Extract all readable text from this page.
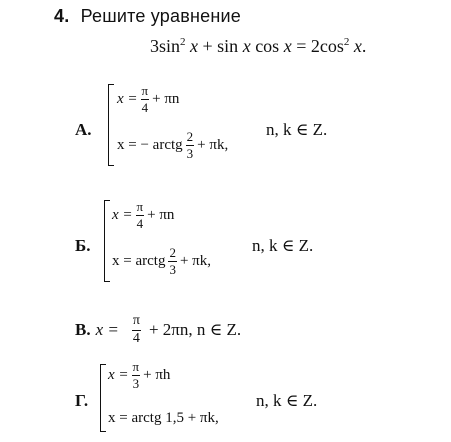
4. Решите уравнение
$3\sin^2$ x + sin x $\cos x = 2\cos^2$ x.
А.
$x = \frac{\pi}{4} + \pi n$
x = − arctg $\frac{2}{3} + \pi k$,
n, k ∈ Z.
Б.
$x = \frac{\pi}{4} + \pi n$
x = arctg $\frac{2}{3} + \pi k$,
n, k ∈ Z.
В. $x = \frac{\pi}{4} + 2\pi n$, n ∈ Z.
Г.
$x = \frac{\pi}{3} + \pi h$
x = arctg 1,5 + πk,
n, k ∈ Z.
